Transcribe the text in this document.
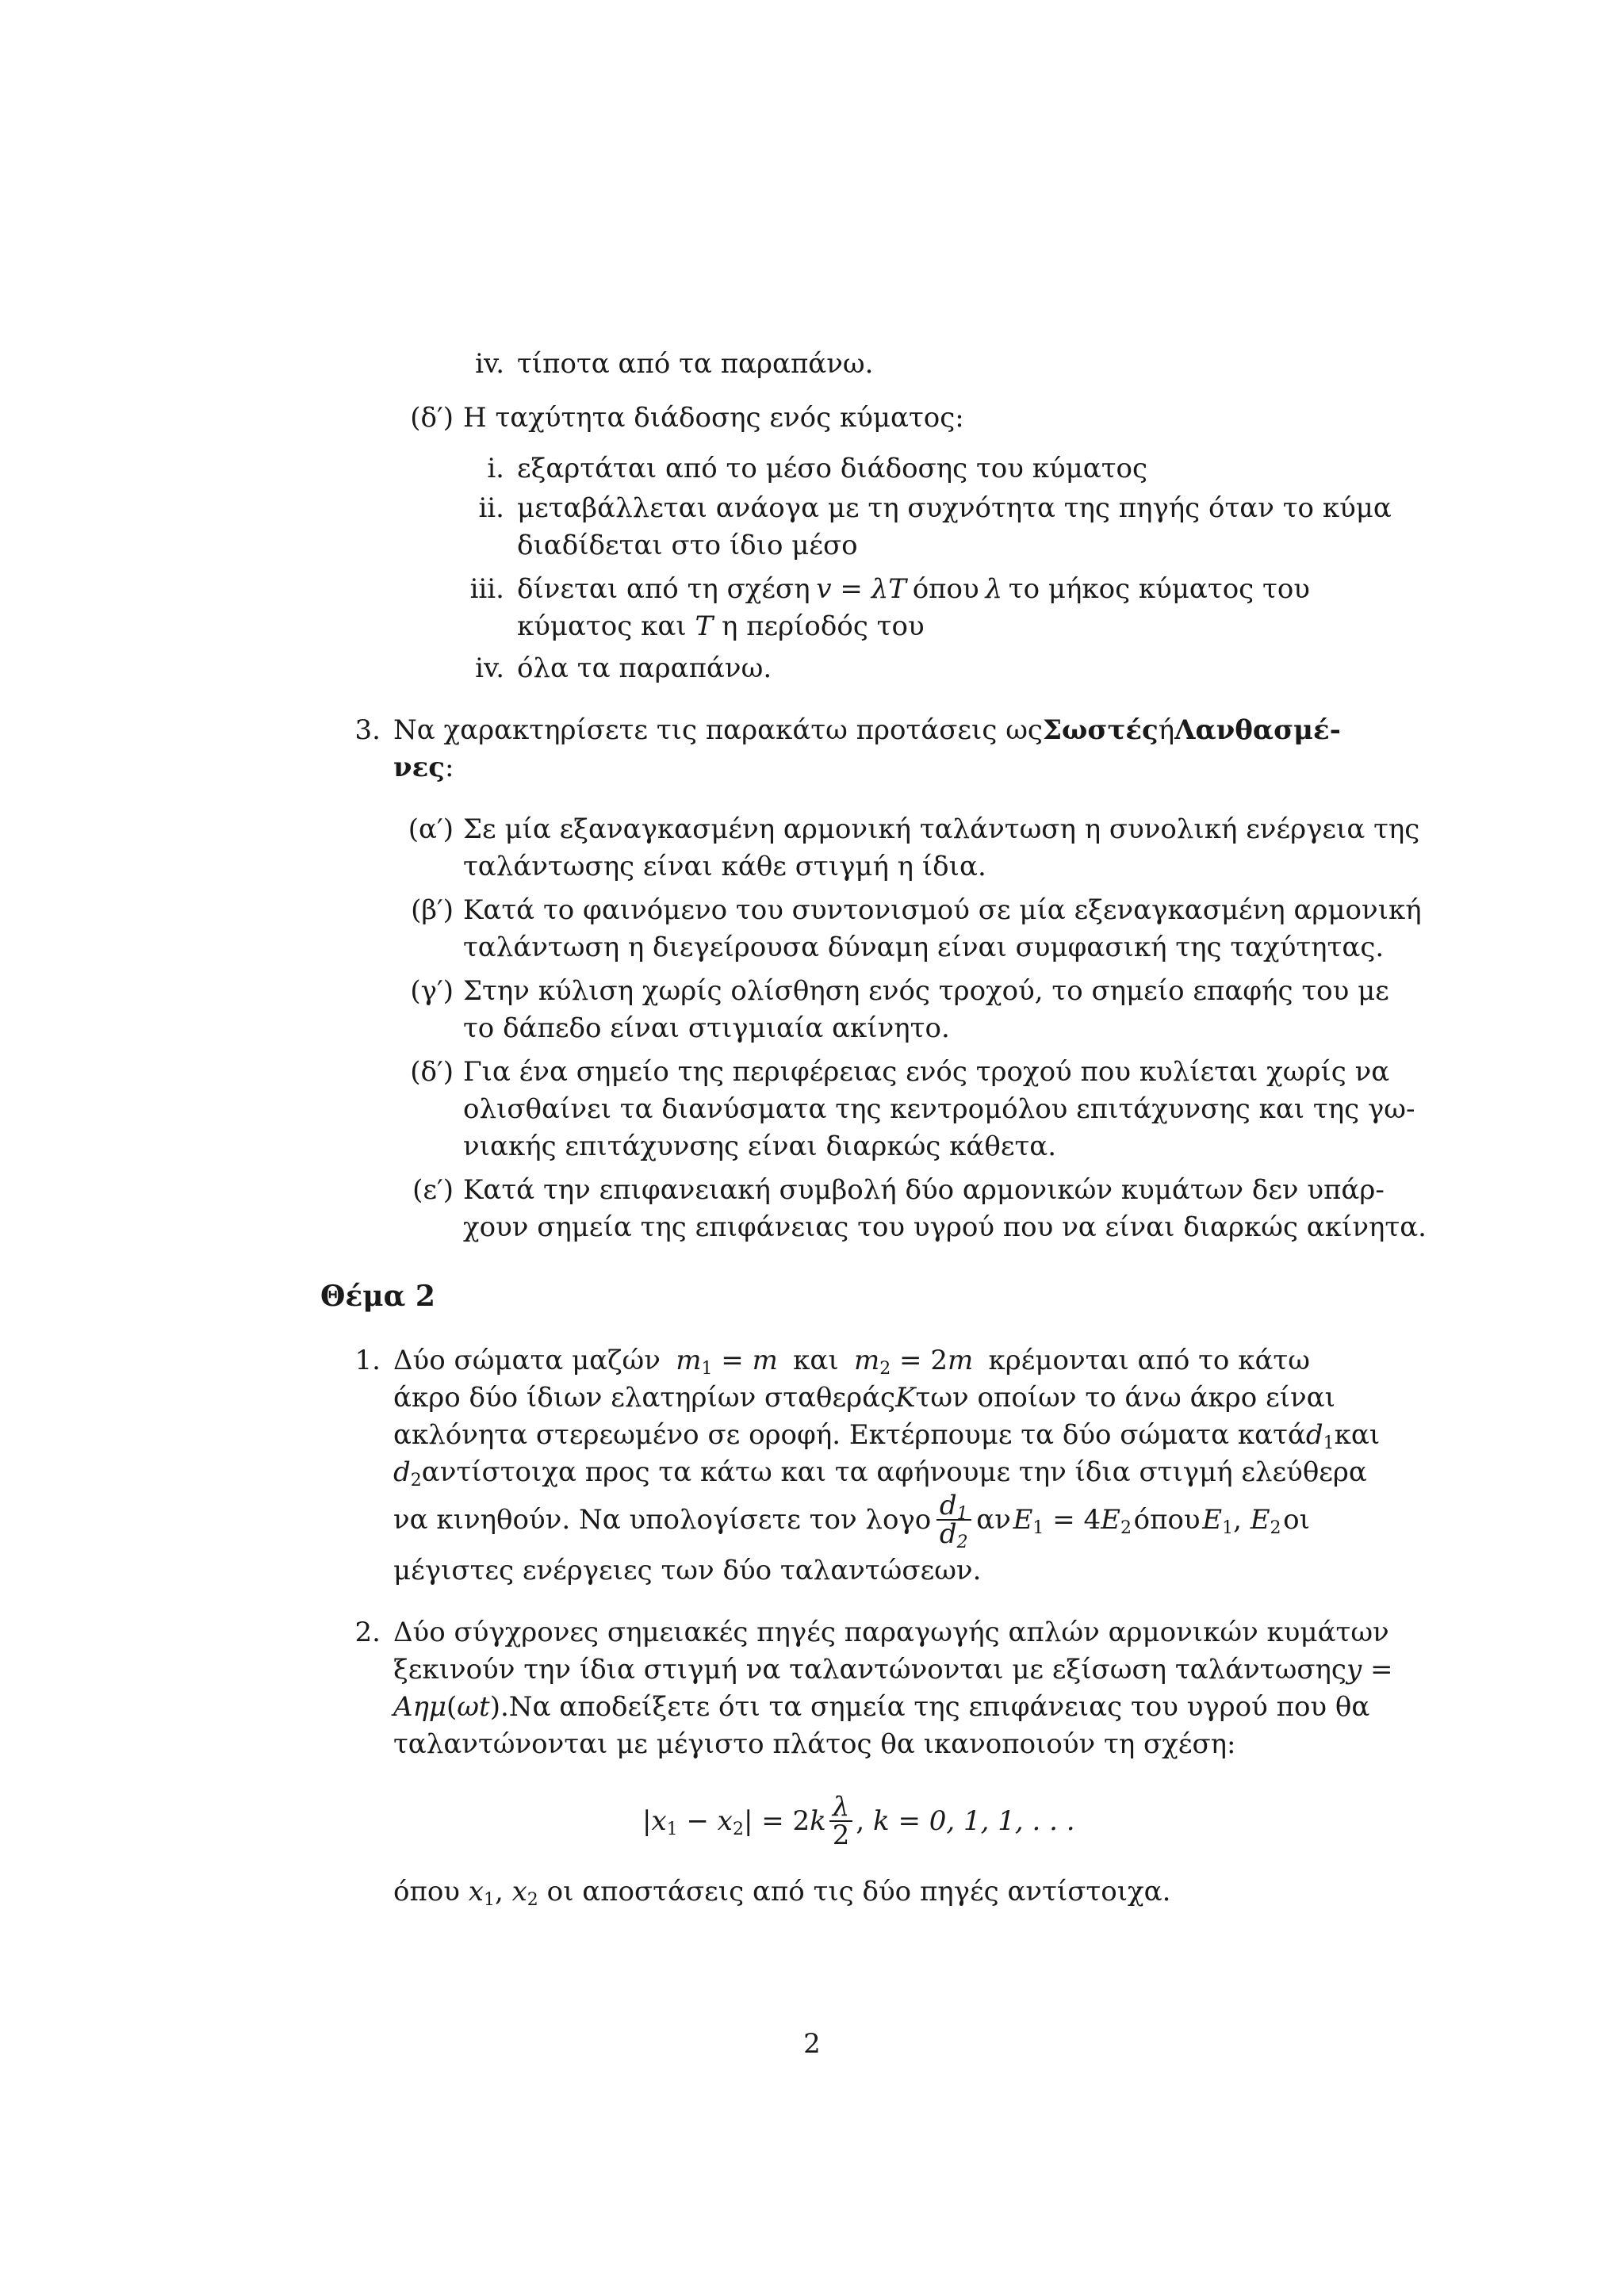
iv. τίποτα από τα παραπάνω.
(δ′) Η ταχύτητα διάδοσης ενός κύματος:
i. εξαρτάται από το μέσο διάδοσης του κύματος
ii. μεταβάλλεται ανάογα με τη συχνότητα της πηγής όταν το κύμα
διαδίδεται στο ίδιο μέσο
iii. δίνεται από τη σχέση v = λT όπου λ το μήκος κύματος του
κύματος και T η περίοδός του
iv. όλα τα παραπάνω.
3. Να χαρακτηρίσετε τις παρακάτω προτάσεις ως Σωστές ή Λανθασμέ-
νες:
(α′) Σε μία εξαναγκασμένη αρμονική ταλάντωση η συνολική ενέργεια της
ταλάντωσης είναι κάθε στιγμή η ίδια.
(β′) Κατά το φαινόμενο του συντονισμού σε μία εξεναγκασμένη αρμονική
ταλάντωση η διεγείρουσα δύναμη είναι συμφασική της ταχύτητας.
(γ′) Στην κύλιση χωρίς ολίσθηση ενός τροχού, το σημείο επαφής του με
το δάπεδο είναι στιγμιαία ακίνητο.
(δ′) Για ένα σημείο της περιφέρειας ενός τροχού που κυλίεται χωρίς να
ολισθαίνει τα διανύσματα της κεντρομόλου επιτάχυνσης και της γω-
νιακής επιτάχυνσης είναι διαρκώς κάθετα.
(ε′) Κατά την επιφανειακή συμβολή δύο αρμονικών κυμάτων δεν υπάρ-
χουν σημεία της επιφάνειας του υγρού που να είναι διαρκώς ακίνητα.
Θέμα 2
1. Δύο σώματα μαζών $m_1 = m$ και $m_2 = 2m$ κρέμονται από το κάτω
άκρο δύο ίδιων ελατηρίων σταθεράς K των οποίων το άνω άκρο είναι
ακλόνητα στερεωμένο σε οροφή. Εκτέρπουμε τα δύο σώματα κατά $d_1$ και
$d_2$ αντίστοιχα προς τα κάτω και τα αφήνουμε την ίδια στιγμή ελεύθερα
να κινηθούν. Να υπολογίσετε τον λογο $\frac{d_1}{d_2}$ αν $E_1 = 4E_2$ όπου $E_1$, $E_2$ οι
μέγιστες ενέργειες των δύο ταλαντώσεων.
2. Δύο σύγχρονες σημειακές πηγές παραγωγής απλών αρμονικών κυμάτων
ξεκινούν την ίδια στιγμή να ταλαντώνονται με εξίσωση ταλάντωσης y =
Aημ(ωt). Να αποδείξετε ότι τα σημεία της επιφάνειας του υγρού που θα
ταλαντώνονται με μέγιστο πλάτος θα ικανοποιούν τη σχέση:
$|x_1 - x_2| = 2k \frac{\lambda}{2}$ , k = 0, 1, 1, . . .
όπου $x_1$, $x_2$ οι αποστάσεις από τις δύο πηγές αντίστοιχα.
2
